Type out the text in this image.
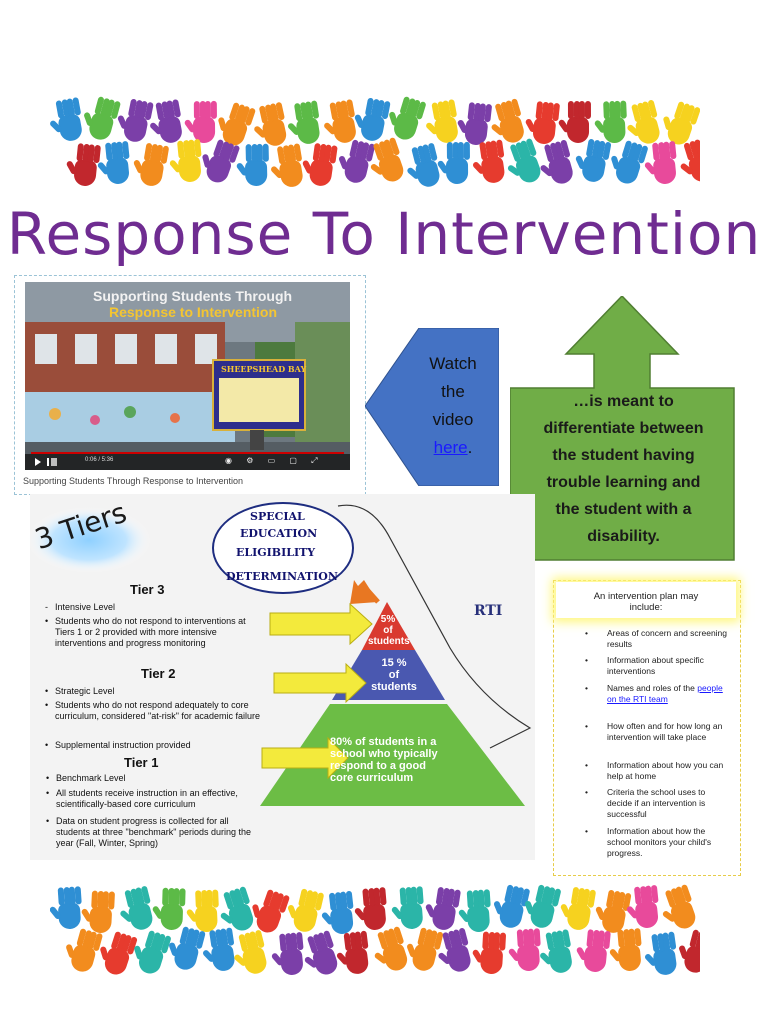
Response To Intervention
Supporting Students Through
Response to Intervention
SHEEPSHEAD BAY
0:06 / 5:36	◉ ⚙ ▭ ▢ ⤢
Supporting Students Through Response to Intervention
Watch
the
video
here.
…is meant to
differentiate between
the student having
trouble learning and
the student with a
disability.
3 Tiers	SPECIAL
EDUCATION
ELIGIBILITY
DETERMINATION
Tier 3
- Intensive Level
• Students who do not respond to interventions at Tiers 1 or 2 provided with more intensive interventions and progress monitoring
Tier 2
• Strategic Level
• Students who do not respond adequately to core curriculum, considered "at-risk" for academic failure
• Supplemental instruction provided
Tier 1
• Benchmark Level
• All students receive instruction in an effective, scientifically-based core curriculum
• Data on student progress is collected for all students at three "benchmark" periods during the year (Fall, Winter, Spring)
RTI
5%
of
students
15 %
of
students
80% of students in a
school who typically
respond to a good
core curriculum
An intervention plan may
include:
• Areas of concern and screening results
• Information about specific interventions
• Names and roles of the people on the RTI team
• How often and for how long an intervention will take place
• Information about how you can help at home
• Criteria the school uses to decide if an intervention is successful
• Information about how the school monitors your child's progress.
